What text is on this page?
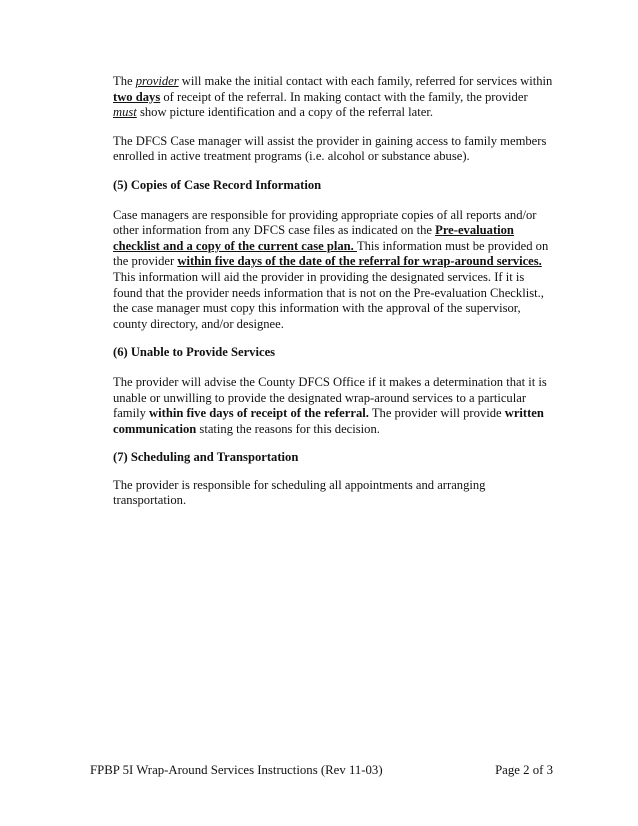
The provider will make the initial contact with each family, referred for services within two days of receipt of the referral. In making contact with the family, the provider must show picture identification and a copy of the referral later.

The DFCS Case manager will assist the provider in gaining access to family members enrolled in active treatment programs (i.e. alcohol or substance abuse).

(5) Copies of Case Record Information

Case managers are responsible for providing appropriate copies of all reports and/or other information from any DFCS case files as indicated on the Pre-evaluation checklist and a copy of the current case plan. This information must be provided on the provider within five days of the date of the referral for wrap-around services. This information will aid the provider in providing the designated services. If it is found that the provider needs information that is not on the Pre-evaluation Checklist., the case manager must copy this information with the approval of the supervisor, county directory, and/or designee.

(6) Unable to Provide Services

The provider will advise the County DFCS Office if it makes a determination that it is unable or unwilling to provide the designated wrap-around services to a particular family within five days of receipt of the referral. The provider will provide written communication stating the reasons for this decision.

(7) Scheduling and Transportation

The provider is responsible for scheduling all appointments and arranging transportation.

FPBP 5I Wrap-Around Services Instructions (Rev 11-03)	Page 2 of 3
